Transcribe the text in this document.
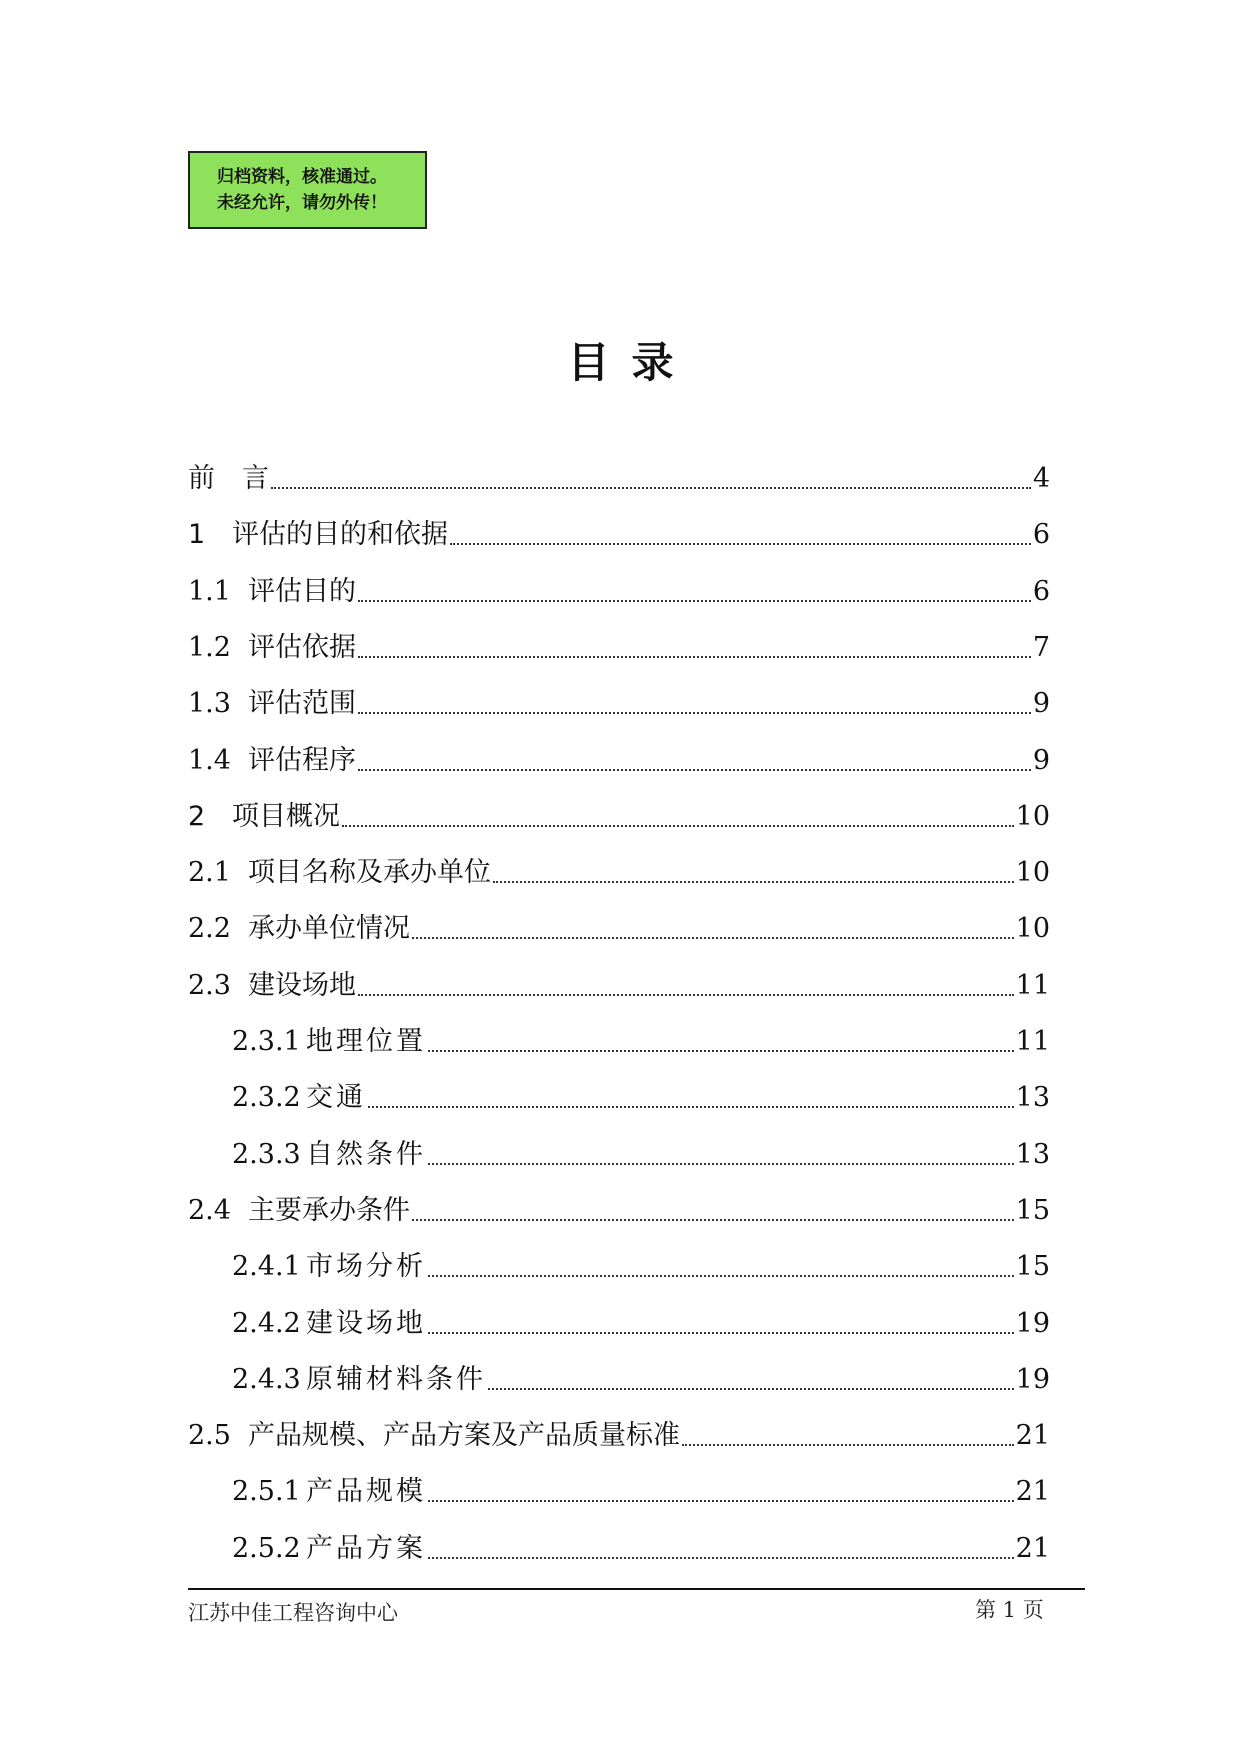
归档资料，核准通过。
未经允许，请勿外传！
目录
前　言	4
1 评估的目的和依据	6
1.1 评估目的	6
1.2 评估依据	7
1.3 评估范围	9
1.4 评估程序	9
2 项目概况	10
2.1 项目名称及承办单位	10
2.2 承办单位情况	10
2.3 建设场地	11
2.3.1 地理位置	11
2.3.2 交通	13
2.3.3 自然条件	13
2.4 主要承办条件	15
2.4.1 市场分析	15
2.4.2 建设场地	19
2.4.3 原辅材料条件	19
2.5 产品规模、产品方案及产品质量标准	21
2.5.1 产品规模	21
2.5.2 产品方案	21
江苏中佳工程咨询中心	第 1 页
